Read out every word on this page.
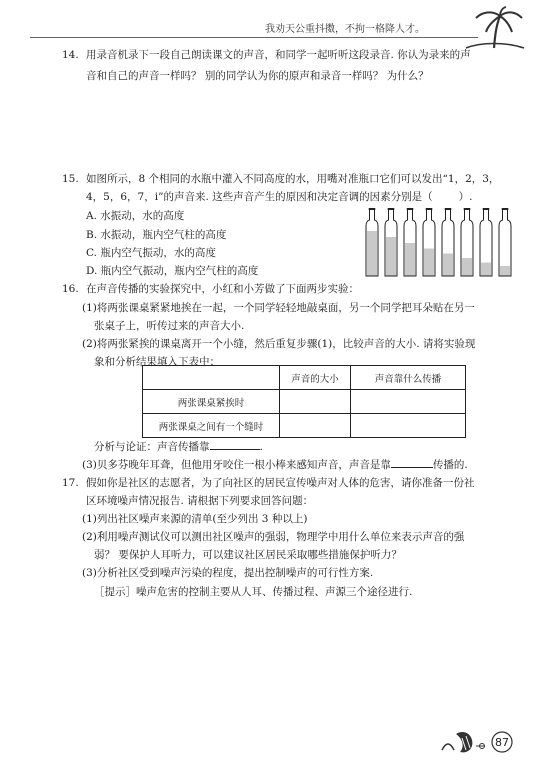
我劝天公重抖擞，不拘一格降人才。
14. 用录音机录下一段自己朗读课文的声音，和同学一起听听这段录音. 你认为录来的声
音和自己的声音一样吗？ 别的同学认为你的原声和录音一样吗？ 为什么？
15. 如图所示，8 个相同的水瓶中灌入不同高度的水，用嘴对准瓶口它们可以发出“1，2，3，
4，5，6，7，i”的声音来. 这些声音产生的原因和决定音调的因素分别是（ ）.
A. 水振动，水的高度
B. 水振动，瓶内空气柱的高度
C. 瓶内空气振动，水的高度
D. 瓶内空气振动，瓶内空气柱的高度
16. 在声音传播的实验探究中，小红和小芳做了下面两步实验：
(1)将两张课桌紧紧地挨在一起，一个同学轻轻地敲桌面，另一个同学把耳朵贴在另一
张桌子上，听传过来的声音大小.
(2)将两张紧挨的课桌离开一个小缝，然后重复步骤(1)，比较声音的大小. 请将实验现
象和分析结果填入下表中：
	声音的大小	声音靠什么传播
两张课桌紧挨时		
两张课桌之间有一个缝时		
分析与论证：声音传播靠	.
(3)贝多芬晚年耳聋，但他用牙咬住一根小棒来感知声音，声音是靠	传播的.
17. 假如你是社区的志愿者，为了向社区的居民宣传噪声对人体的危害，请你准备一份社
区环境噪声情况报告. 请根据下列要求回答问题：
(1)列出社区噪声来源的清单(至少列出 3 种以上)
(2)利用噪声测试仪可以测出社区噪声的强弱，物理学中用什么单位来表示声音的强
弱？ 要保护人耳听力，可以建议社区居民采取哪些措施保护听力？
(3)分析社区受到噪声污染的程度，提出控制噪声的可行性方案.
［提示］噪声危害的控制主要从人耳、传播过程、声源三个途径进行.
87
